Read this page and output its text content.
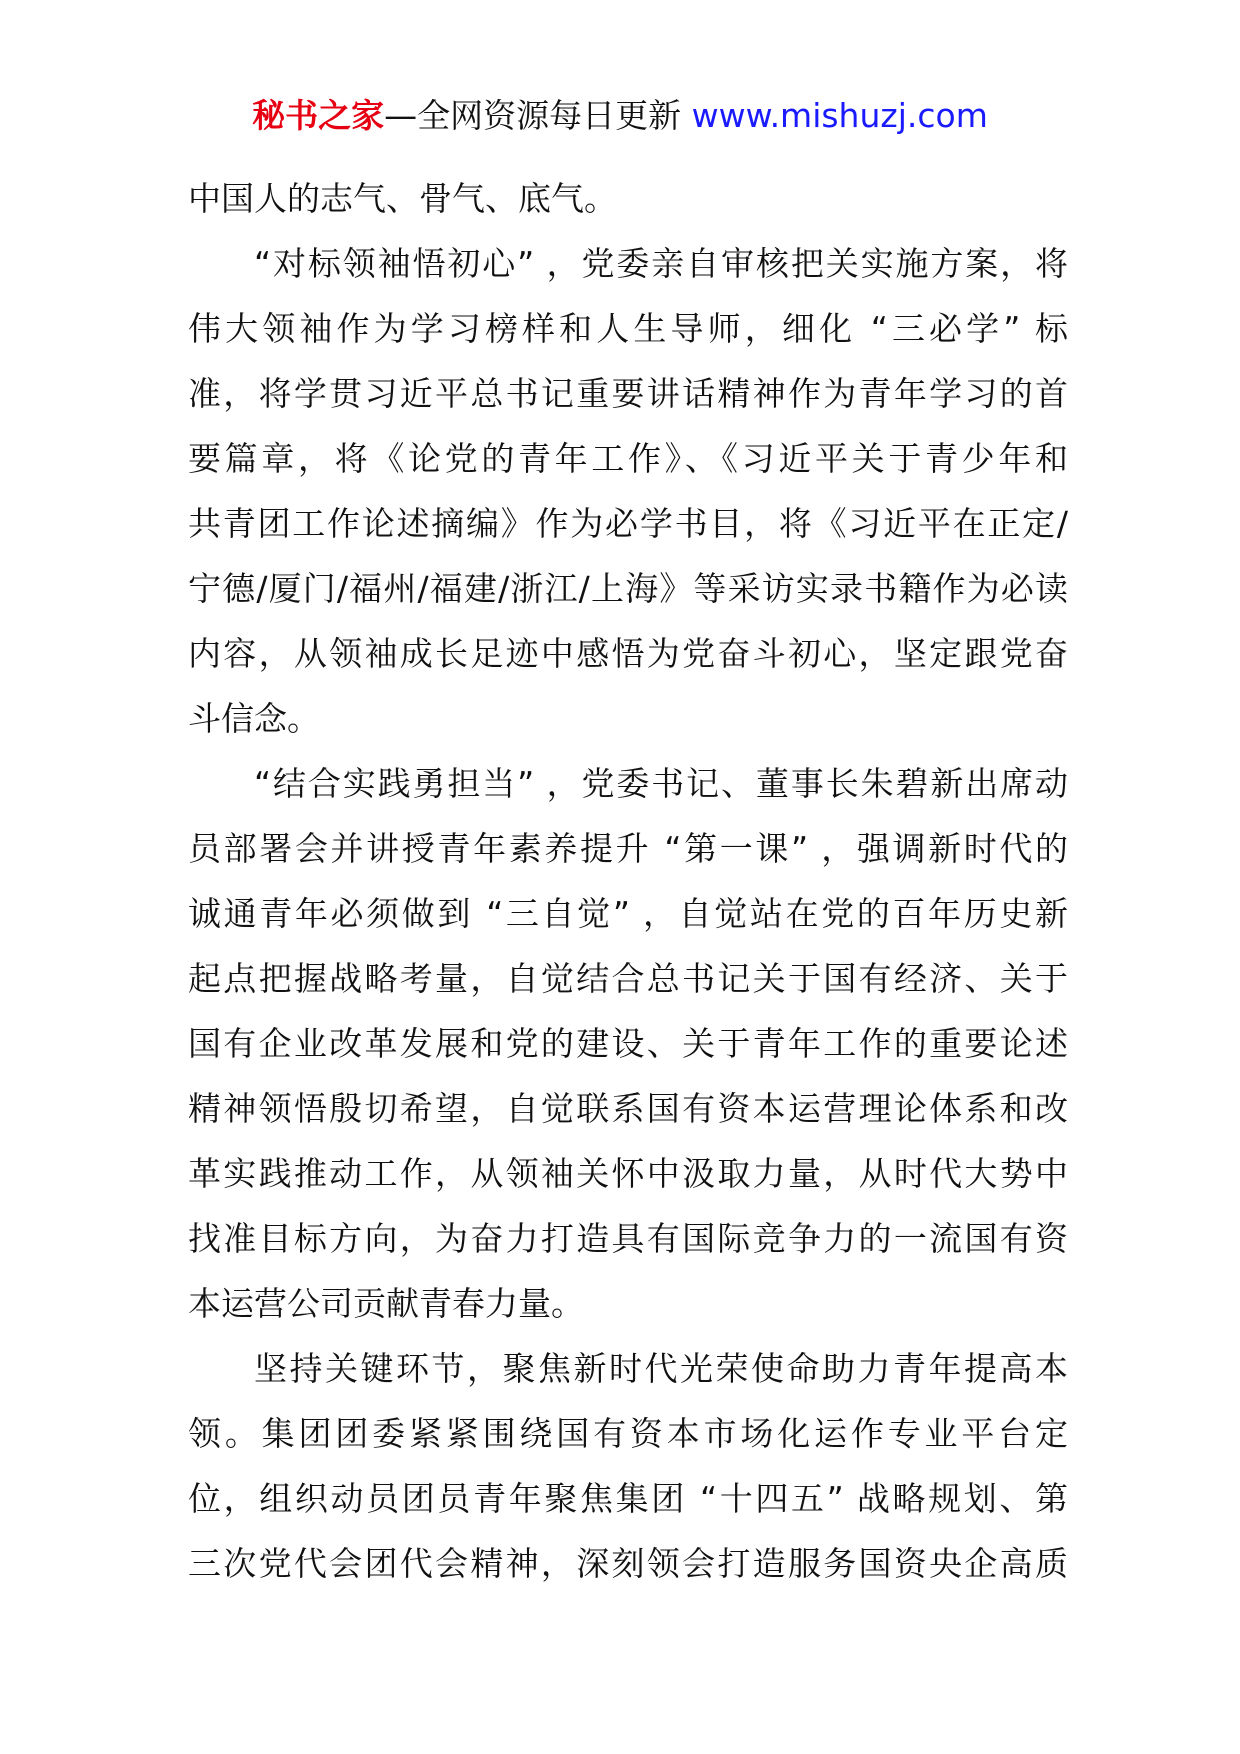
秘书之家—全网资源每日更新 www.mishuzj.com
中国人的志气、骨气、底气。
“对标领袖悟初心” ，党委亲自审核把关实施方案，将
伟大领袖作为学习榜样和人生导师，细化 “三必学” 标
准，将学贯习近平总书记重要讲话精神作为青年学习的首
要篇章，将《论党的青年工作》、《习近平关于青少年和
共青团工作论述摘编》作为必学书目，将《习近平在正定/
宁德/厦门/福州/福建/浙江/上海》等采访实录书籍作为必读
内容，从领袖成长足迹中感悟为党奋斗初心，坚定跟党奋
斗信念。
“结合实践勇担当” ，党委书记、董事长朱碧新出席动
员部署会并讲授青年素养提升 “第一课” ，强调新时代的
诚通青年必须做到 “三自觉” ，自觉站在党的百年历史新
起点把握战略考量，自觉结合总书记关于国有经济、关于
国有企业改革发展和党的建设、关于青年工作的重要论述
精神领悟殷切希望，自觉联系国有资本运营理论体系和改
革实践推动工作，从领袖关怀中汲取力量，从时代大势中
找准目标方向，为奋力打造具有国际竞争力的一流国有资
本运营公司贡献青春力量。
坚持关键环节，聚焦新时代光荣使命助力青年提高本
领。集团团委紧紧围绕国有资本市场化运作专业平台定
位，组织动员团员青年聚焦集团 “十四五” 战略规划、第
三次党代会团代会精神，深刻领会打造服务国资央企高质
